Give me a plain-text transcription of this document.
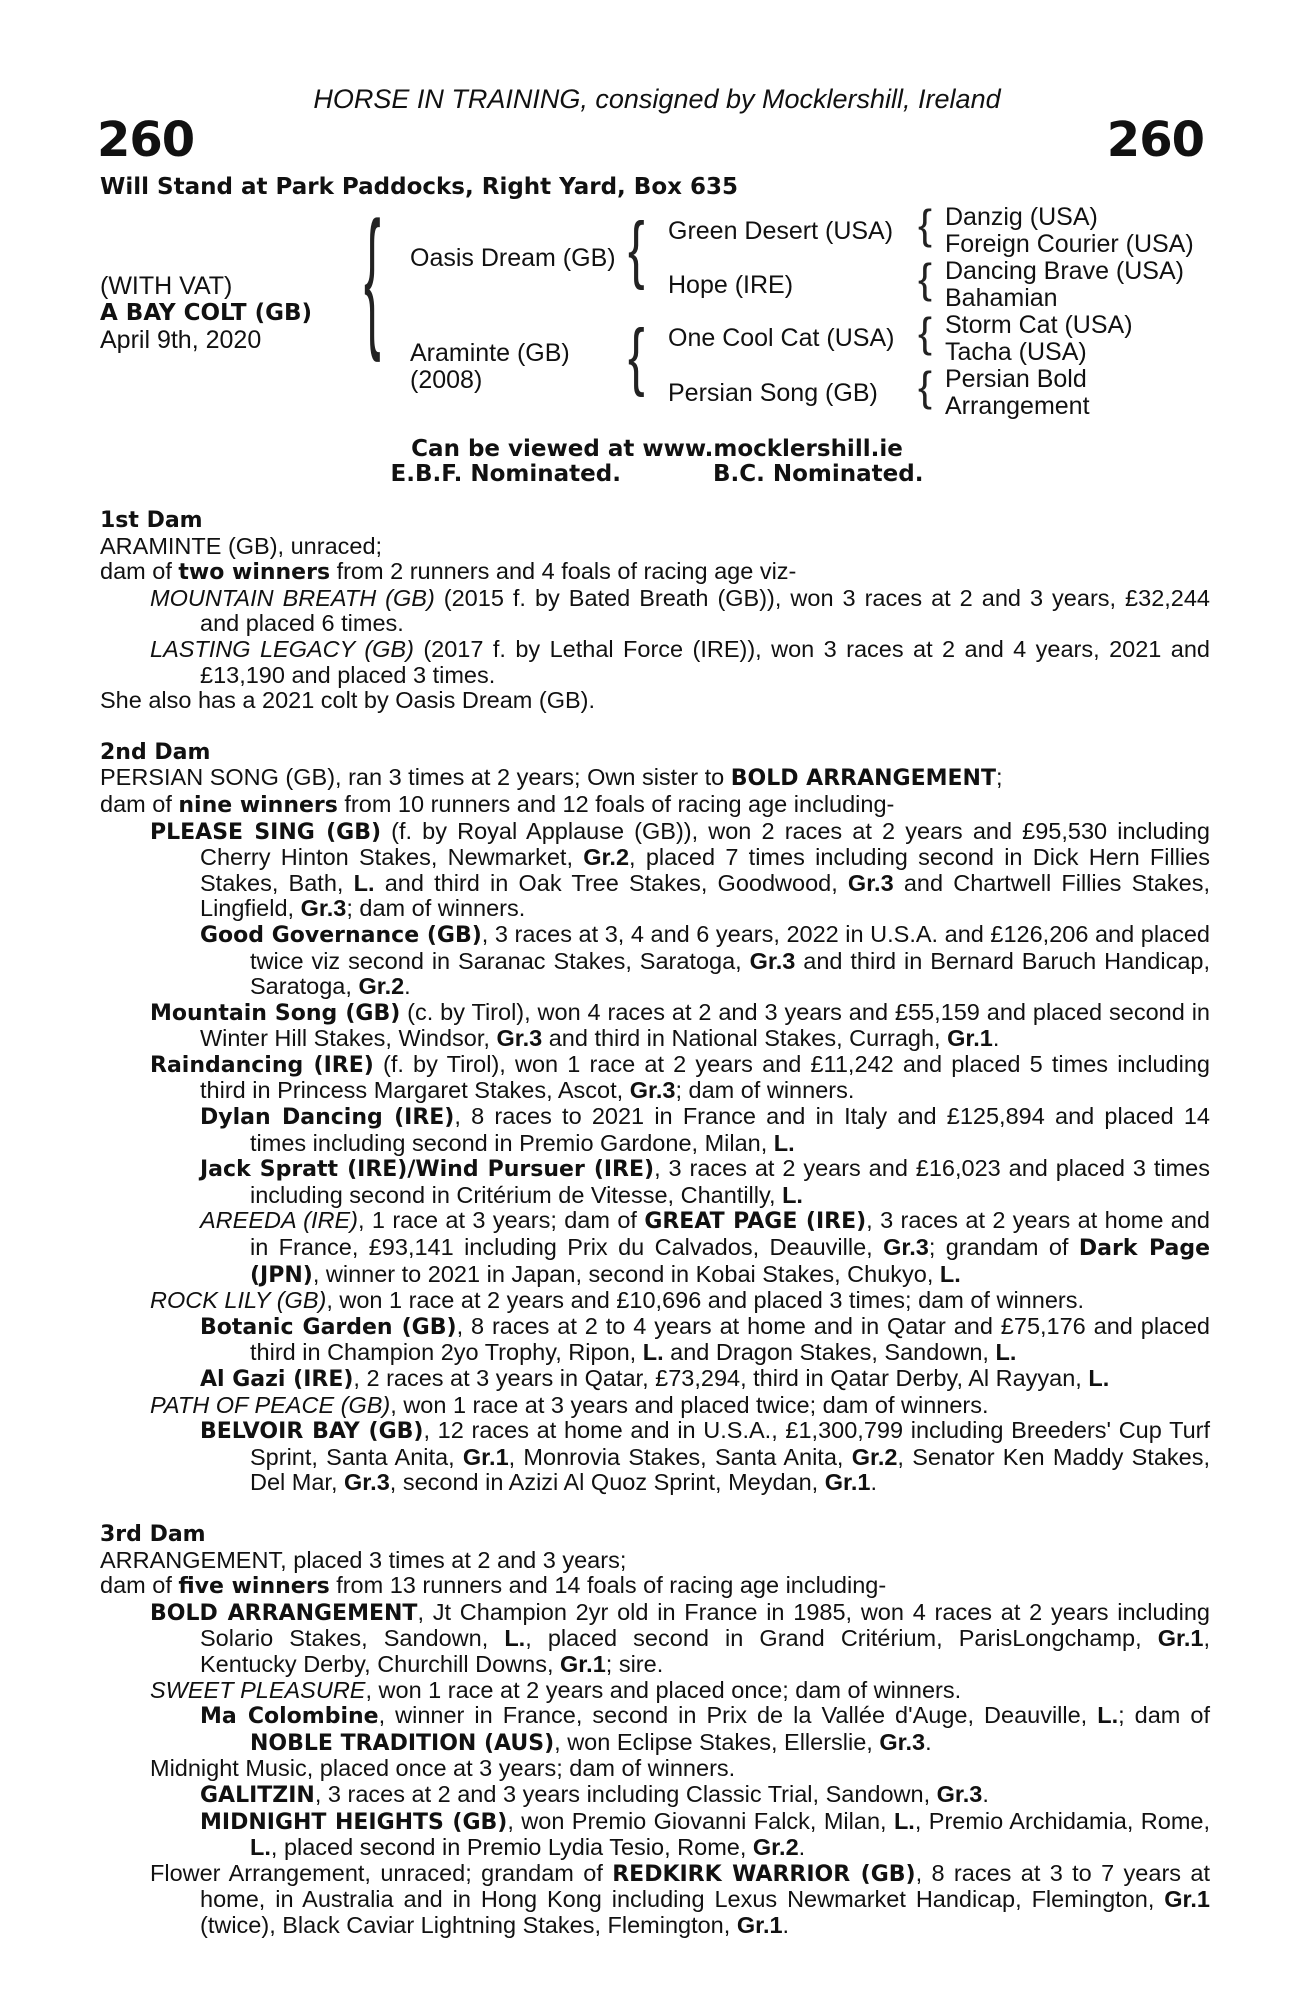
HORSE IN TRAINING, consigned by Mocklershill, Ireland
260	260
Will Stand at Park Paddocks, Right Yard, Box 635
(WITH VAT)
A BAY COLT (GB)
April 9th, 2020 { Oasis Dream (GB)
Araminte (GB)
(2008)
{
{
Green Desert (USA)
Hope (IRE)
One Cool Cat (USA)
Persian Song (GB)
{
{
{
{
Danzig (USA)
Foreign Courier (USA)
Dancing Brave (USA)
Bahamian
Storm Cat (USA)
Tacha (USA)
Persian Bold
Arrangement
Can be viewed at www.mocklershill.ie
E.B.F. Nominated.	B.C. Nominated.
1st Dam

ARAMINTE (GB), unraced;

dam of two winners from 2 runners and 4 foals of racing age viz-

MOUNTAIN BREATH (GB) (2015 f. by Bated Breath (GB)), won 3 races at 2 and 3 years, £32,244 and placed 6 times.

LASTING LEGACY (GB) (2017 f. by Lethal Force (IRE)), won 3 races at 2 and 4 years, 2021 and £13,190 and placed 3 times.

She also has a 2021 colt by Oasis Dream (GB).

2nd Dam

PERSIAN SONG (GB), ran 3 times at 2 years; Own sister to BOLD ARRANGEMENT;

dam of nine winners from 10 runners and 12 foals of racing age including-

PLEASE SING (GB) (f. by Royal Applause (GB)), won 2 races at 2 years and £95,530 including Cherry Hinton Stakes, Newmarket, Gr.2, placed 7 times including second in Dick Hern Fillies Stakes, Bath, L. and third in Oak Tree Stakes, Goodwood, Gr.3 and Chartwell Fillies Stakes, Lingfield, Gr.3; dam of winners.

Good Governance (GB), 3 races at 3, 4 and 6 years, 2022 in U.S.A. and £126,206 and placed twice viz second in Saranac Stakes, Saratoga, Gr.3 and third in Bernard Baruch Handicap, Saratoga, Gr.2.

Mountain Song (GB) (c. by Tirol), won 4 races at 2 and 3 years and £55,159 and placed second in Winter Hill Stakes, Windsor, Gr.3 and third in National Stakes, Curragh, Gr.1.

Raindancing (IRE) (f. by Tirol), won 1 race at 2 years and £11,242 and placed 5 times including third in Princess Margaret Stakes, Ascot, Gr.3; dam of winners.

Dylan Dancing (IRE), 8 races to 2021 in France and in Italy and £125,894 and placed 14 times including second in Premio Gardone, Milan, L.

Jack Spratt (IRE)/Wind Pursuer (IRE), 3 races at 2 years and £16,023 and placed 3 times including second in Critérium de Vitesse, Chantilly, L.

AREEDA (IRE), 1 race at 3 years; dam of GREAT PAGE (IRE), 3 races at 2 years at home and in France, £93,141 including Prix du Calvados, Deauville, Gr.3; grandam of Dark Page (JPN), winner to 2021 in Japan, second in Kobai Stakes, Chukyo, L.

ROCK LILY (GB), won 1 race at 2 years and £10,696 and placed 3 times; dam of winners.

Botanic Garden (GB), 8 races at 2 to 4 years at home and in Qatar and £75,176 and placed third in Champion 2yo Trophy, Ripon, L. and Dragon Stakes, Sandown, L.

Al Gazi (IRE), 2 races at 3 years in Qatar, £73,294, third in Qatar Derby, Al Rayyan, L.

PATH OF PEACE (GB), won 1 race at 3 years and placed twice; dam of winners.

BELVOIR BAY (GB), 12 races at home and in U.S.A., £1,300,799 including Breeders' Cup Turf Sprint, Santa Anita, Gr.1, Monrovia Stakes, Santa Anita, Gr.2, Senator Ken Maddy Stakes, Del Mar, Gr.3, second in Azizi Al Quoz Sprint, Meydan, Gr.1.

3rd Dam

ARRANGEMENT, placed 3 times at 2 and 3 years;

dam of five winners from 13 runners and 14 foals of racing age including-

BOLD ARRANGEMENT, Jt Champion 2yr old in France in 1985, won 4 races at 2 years including Solario Stakes, Sandown, L., placed second in Grand Critérium, ParisLongchamp, Gr.1, Kentucky Derby, Churchill Downs, Gr.1; sire.

SWEET PLEASURE, won 1 race at 2 years and placed once; dam of winners.

Ma Colombine, winner in France, second in Prix de la Vallée d'Auge, Deauville, L.; dam of NOBLE TRADITION (AUS), won Eclipse Stakes, Ellerslie, Gr.3.

Midnight Music, placed once at 3 years; dam of winners.

GALITZIN, 3 races at 2 and 3 years including Classic Trial, Sandown, Gr.3.

MIDNIGHT HEIGHTS (GB), won Premio Giovanni Falck, Milan, L., Premio Archidamia, Rome, L., placed second in Premio Lydia Tesio, Rome, Gr.2.

Flower Arrangement, unraced; grandam of REDKIRK WARRIOR (GB), 8 races at 3 to 7 years at home, in Australia and in Hong Kong including Lexus Newmarket Handicap, Flemington, Gr.1 (twice), Black Caviar Lightning Stakes, Flemington, Gr.1.
